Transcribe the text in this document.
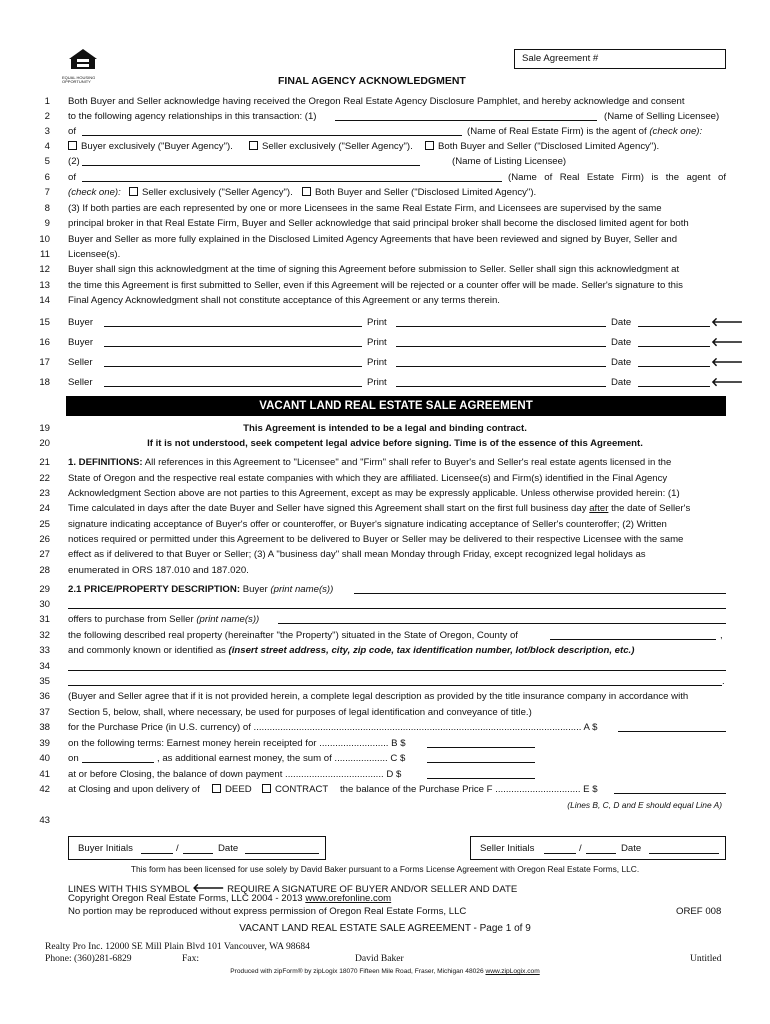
Sale Agreement #
EQUAL HOUSING OPPORTUNITY	FINAL AGENCY ACKNOWLEDGMENT
1
2
3
4
5
6
7
8
9
10
11
12
13
14
19
20
21
22
23
24
25
26
27
28
29
30
31
32
33
34
35
36
37
38
39
40
41
42
43
Both Buyer and Seller acknowledge having received the Oregon Real Estate Agency Disclosure Pamphlet, and hereby acknowledge and consent
to the following agency relationships in this transaction: (1)	(Name of Selling Licensee)
of	(Name of Real Estate Firm) is the agent of (check one):
Buyer exclusively ("Buyer Agency").	Seller exclusively ("Seller Agency").	Both Buyer and Seller ("Disclosed Limited Agency").
(2)	(Name of Listing Licensee)
of	(Name of Real Estate Firm) is the agent of
(check one):	Seller exclusively ("Seller Agency").	Both Buyer and Seller ("Disclosed Limited Agency").
(3) If both parties are each represented by one or more Licensees in the same Real Estate Firm, and Licensees are supervised by the same
principal broker in that Real Estate Firm, Buyer and Seller acknowledge that said principal broker shall become the disclosed limited agent for both
Buyer and Seller as more fully explained in the Disclosed Limited Agency Agreements that have been reviewed and signed by Buyer, Seller and
Licensee(s).
Buyer shall sign this acknowledgment at the time of signing this Agreement before submission to Seller. Seller shall sign this acknowledgment at
the time this Agreement is first submitted to Seller, even if this Agreement will be rejected or a counter offer will be made. Seller's signature to this
Final Agency Acknowledgment shall not constitute acceptance of this Agreement or any terms therein.
15 Buyer	Print	Date	🡐
16 Buyer	Print	Date	🡐
17 Seller	Print	Date	🡐
18 Seller	Print	Date	🡐
VACANT LAND REAL ESTATE SALE AGREEMENT
This Agreement is intended to be a legal and binding contract.
If it is not understood, seek competent legal advice before signing. Time is of the essence of this Agreement.
1. DEFINITIONS: All references in this Agreement to "Licensee" and "Firm" shall refer to Buyer's and Seller's real estate agents licensed in the
State of Oregon and the respective real estate companies with which they are affiliated. Licensee(s) and Firm(s) identified in the Final Agency
Acknowledgment Section above are not parties to this Agreement, except as may be expressly applicable. Unless otherwise provided herein: (1)
Time calculated in days after the date Buyer and Seller have signed this Agreement shall start on the first full business day after the date of Seller's
signature indicating acceptance of Buyer's offer or counteroffer, or Buyer's signature indicating acceptance of Seller's counteroffer; (2) Written
notices required or permitted under this Agreement to be delivered to Buyer or Seller may be delivered to their respective Licensee with the same
effect as if delivered to that Buyer or Seller; (3) A "business day" shall mean Monday through Friday, except recognized legal holidays as
enumerated in ORS 187.010 and 187.020.
2.1 PRICE/PROPERTY DESCRIPTION: Buyer (print name(s))
offers to purchase from Seller (print name(s))
the following described real property (hereinafter "the Property") situated in the State of Oregon, County of	,
and commonly known or identified as (insert street address, city, zip code, tax identification number, lot/block description, etc.)
.
(Buyer and Seller agree that if it is not provided herein, a complete legal description as provided by the title insurance company in accordance with
Section 5, below, shall, where necessary, be used for purposes of legal identification and conveyance of title.)
for the Purchase Price (in U.S. currency) of ........................................................................................................................... A $
on the following terms: Earnest money herein receipted for .......................... B $
on	, as additional earnest money, the sum of .................... C $
at or before Closing, the balance of down payment ..................................... D $
at Closing and upon delivery of	DEED	CONTRACT the balance of the Purchase Price F ................................ E $
(Lines B, C, D and E should equal Line A)
Buyer Initials	/	Date	Seller Initials	/	Date
This form has been licensed for use solely by David Baker pursuant to a Forms License Agreement with Oregon Real Estate Forms, LLC.
LINES WITH THIS SYMBOL 🡐 REQUIRE A SIGNATURE OF BUYER AND/OR SELLER AND DATE
Copyright Oregon Real Estate Forms, LLC 2004 - 2013 www.orefonline.com
No portion may be reproduced without express permission of Oregon Real Estate Forms, LLC	OREF 008
VACANT LAND REAL ESTATE SALE AGREEMENT - Page 1 of 9
Realty Pro Inc. 12000 SE Mill Plain Blvd 101 Vancouver, WA 98684
Phone: (360)281-6829	Fax:	David Baker	Untitled
Produced with zipForm® by zipLogix 18070 Fifteen Mile Road, Fraser, Michigan 48026 www.zipLogix.com
